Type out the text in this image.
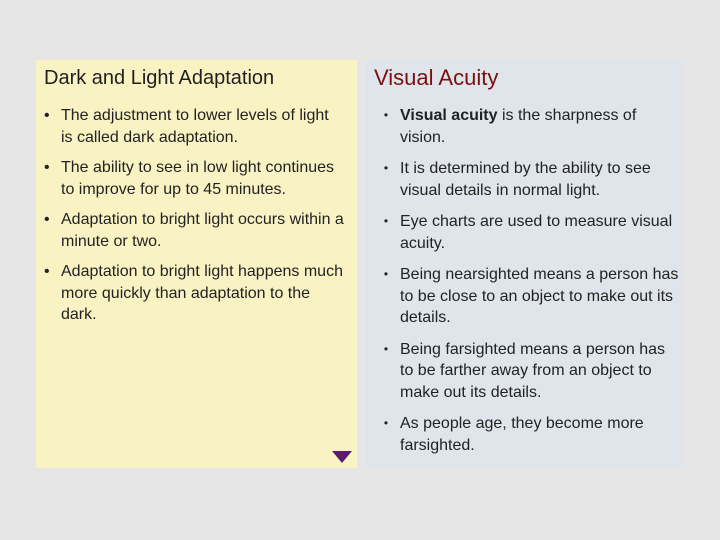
Dark and Light Adaptation
• The adjustment to lower levels of light is called dark adaptation.
• The ability to see in low light continues to improve for up to 45 minutes.
• Adaptation to bright light occurs within a minute or two.
• Adaptation to bright light happens much more quickly than adaptation to the dark.
Visual Acuity
• Visual acuity is the sharpness of vision.
• It is determined by the ability to see visual details in normal light.
• Eye charts are used to measure visual acuity.
• Being nearsighted means a person has to be close to an object to make out its details.
• Being farsighted means a person has to be farther away from an object to make out its details.
• As people age, they become more farsighted.
